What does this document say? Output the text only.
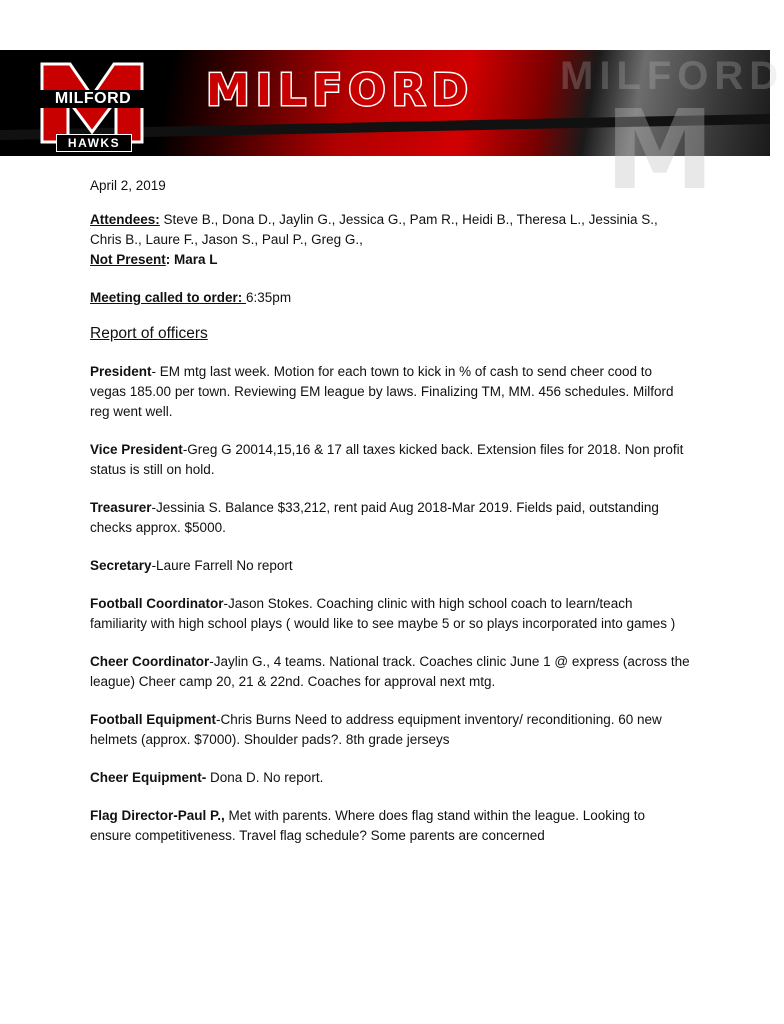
MILFORD
M
MILFORD
HAWKS
MILFORD
YOUTH FOOTBALL & CHEER

April 2, 2019

Attendees: Steve B., Dona D., Jaylin G., Jessica G., Pam R., Heidi B., Theresa L., Jessinia S., Chris B., Laure F., Jason S., Paul P., Greg G.,

Not Present: Mara L

Meeting called to order: 6:35pm

Report of officers

President- EM mtg last week. Motion for each town to kick in % of cash to send cheer cood to vegas 185.00 per town. Reviewing EM league by laws. Finalizing TM, MM. 456 schedules. Milford reg went well.

Vice President-Greg G 20014,15,16 & 17 all taxes kicked back. Extension files for 2018. Non profit status is still on hold.

Treasurer-Jessinia S. Balance $33,212, rent paid Aug 2018-Mar 2019. Fields paid, outstanding checks approx. $5000.

Secretary-Laure Farrell No report

Football Coordinator-Jason Stokes. Coaching clinic with high school coach to learn/teach familiarity with high school plays ( would like to see maybe 5 or so plays incorporated into games )

Cheer Coordinator-Jaylin G., 4 teams. National track. Coaches clinic June 1 @ express (across the league) Cheer camp 20, 21 & 22nd. Coaches for approval next mtg.

Football Equipment-Chris Burns Need to address equipment inventory/ reconditioning. 60 new helmets (approx. $7000). Shoulder pads?. 8th grade jerseys

Cheer Equipment- Dona D. No report.

Flag Director-Paul P., Met with parents. Where does flag stand within the league. Looking to ensure competitiveness. Travel flag schedule? Some parents are concerned
